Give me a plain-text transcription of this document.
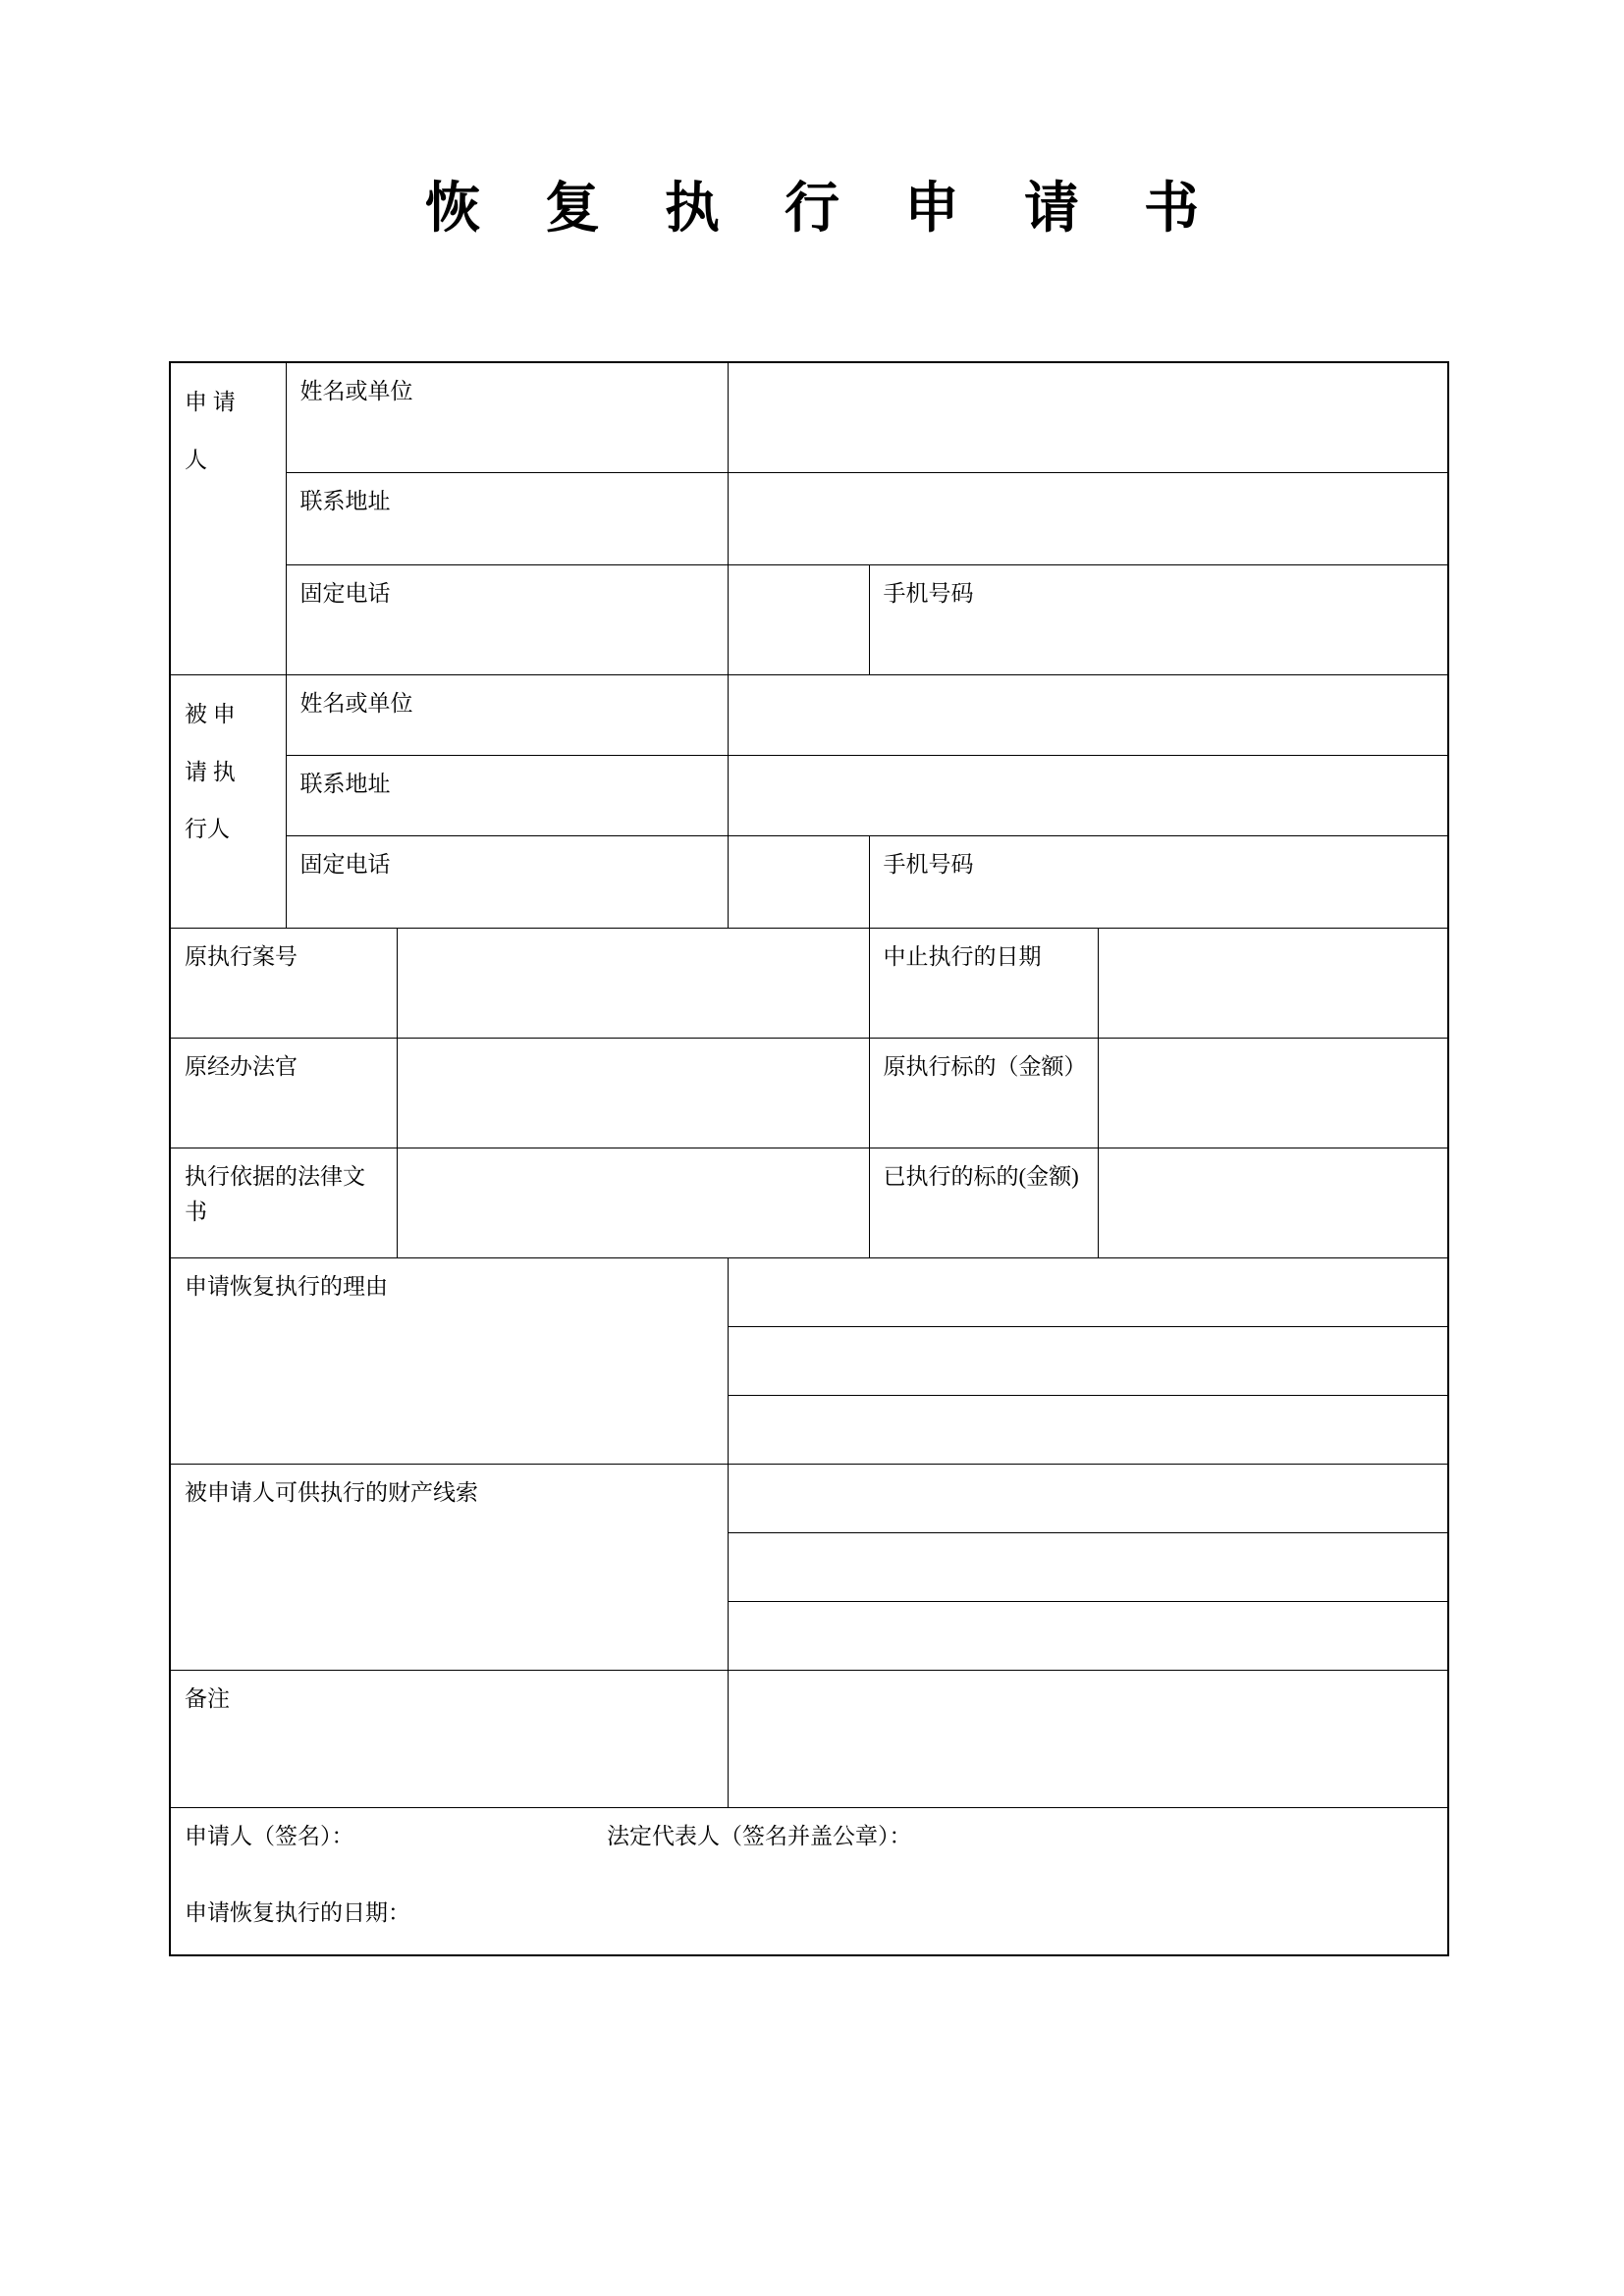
恢 复 执 行 申 请 书
申 请
人	姓名或单位					
	联系地址					
	固定电话			手机号码		
被 申
请 执
行人	姓名或单位					
	联系地址					
	固定电话			手机号码		
原执行案号				中止执行的日期		
原经办法官				原执行标的（金额）		
执行依据的法律文书				已执行的标的(金额)		
申请恢复执行的理由						

被申请人可供执行的财产线索						

备注						

申请人（签名）： 法定代表人（签名并盖公章）：
申请恢复执行的日期：						
